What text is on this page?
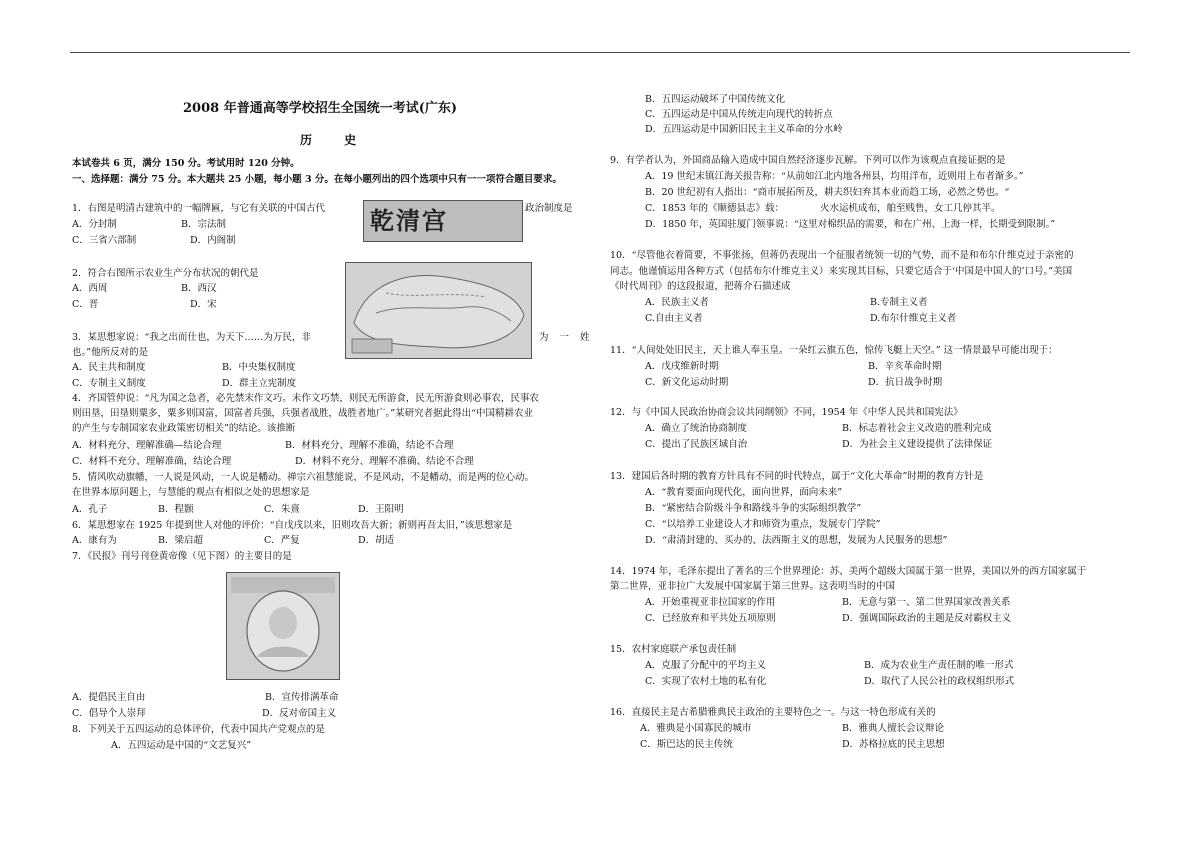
2008 年普通高等学校招生全国统一考试(广东)
历 史
本试卷共 6 页，满分 150 分。考试用时 120 分钟。
一、选择题：满分 75 分。本大题共 25 小题，每小题 3 分。在每小题列出的四个选项中只有一一项符合题目要求。
乾清宫
1．右图是明清古建筑中的一幅牌匾，与它有关联的中国古代	政治制度是
A．分封制	B．宗法制
C．三省六部制	D．内阁制
2．符合右图所示农业生产分布状况的朝代是
A．西周	B．西汉
C．晋	D．宋
3．某思想家说：“我之出而仕也，为天下……为万民，非	为 一 姓
也。”他所反对的是
A．民主共和制度	B．中央集权制度
C．专制主义制度	D．群主立宪制度
4．齐国管仲说：“凡为国之急者，必先禁末作文巧。未作文巧禁，则民无所游食，民无所游食则必事农，民事农
则田垦，田垦则粟多，粟多则国富，国富者兵强，兵强者战胜，战胜者地广。”某研究者据此得出“中国精耕农业
的产生与专制国家农业政策密切相关”的结论。该推断
A．材料充分、理解准确—结论合理	B．材料充分、理解不准确，结论不合理
C．材料不充分、理解准确，结论合理	D．材料不充分、理解不准确、结论不合理
5．情风吹动旗幡，一人说是风动，一人说是幡动。禅宗六祖慧能说，不是风动，不是幡动，而是两的位心动。
在世界本原问题上，与慧能的观点有相似之处的思想家是
A．孔子	B．程颢	C．朱熹	D．王阳明
6．某思想家在 1925 年提到世人对他的评价：“自戊戌以来，旧则攻吾大新；新则再吾太旧，”该思想家是
A．康有为	B．梁启超	C．严复	D．胡适
7．《民报》刊号刊登黄帝像（见下图）的主要目的是
A．提倡民主自由	B．宣传排满革命
C．倡导个人崇拜	D．反对帝国主义
8．下列关于五四运动的总体评价，代表中国共产党观点的是
A．五四运动是中国的“文艺复兴”
B．五四运动破坏了中国传统文化
C．五四运动是中国从传统走向现代的转折点
D．五四运动是中国新旧民主主义革命的分水岭
9．有学者认为，外国商品输入造成中国自然经济逐步瓦解。下列可以作为该观点直接证据的是
A．19 世纪末镇江海关报告称：“从前如江北内地各州县，均用洋布，近则用上布者渐多。”
B．20 世纪初有人指出：“商市展拓所及，耕夫织妇弃其本业而趋工场，必然之势也。“
C．1853 年的《顺德县志》载：	火水运机成布，舶至贱售，女工几停其半。
D．1850 年，英国驻厦门领事说：“这里对棉织品的需要，和在广州、上海一样，长期受到限制。”
10．“尽管他衣着简要，不事张扬，但蒋仍表现出一个征服者统领一切的气势，而不是和布尔什维克过于亲密的
同志。他谨慎运用各种方式（包括布尔什维克主义）来实现其目标，只要它适合于‘中国是中国人的’口号。”美国
《时代周刊》的这段报道，把蒋介石描述成
A．民族主义者	B.专制主义者
C.自由主义者	D.布尔什维克主义者
11．“人间处处旧民主，天上谁人奉玉皇。一朵红云旗五色，惊传飞艇上天空。” 这一情景最早可能出现于：
A．戊戌维新时期	B．辛亥革命时期
C．新文化运动时期	D．抗日战争时期
12．与《中国人民政治协商会议共同纲领》不同，1954 年《中华人民共和国宪法》
A．确立了统治协商制度	B．标志着社会主义改造的胜利完成
C．提出了民族区域自治	D．为社会主义建设提供了法律保证
13．建国后各时期的教育方针具有不同的时代特点，属于“文化大革命”时期的教育方针是
A．“教育要面向现代化，面向世界，面向未来”
B．“紧密结合阶级斗争和路线斗争的实际组织教学”
C．“以培养工业建设人才和师资为重点，发展专门学院”
D．“肃清封建的、买办的、法西斯主义的思想，发展为人民服务的思想”
14．1974 年，毛泽东提出了著名的三个世界理论：苏、美两个超级大国属于第一世界，美国以外的西方国家属于
第二世界，亚非拉广大发展中国家属于第三世界。这表明当时的中国
A．开始重视亚非拉国家的作用	B．无意与第一、第二世界国家改善关系
C．已经放弃和平共处五项原则	D．强调国际政治的主题是反对霸权主义
15．农村家庭联产承包责任制
A．克服了分配中的平均主义	B．成为农业生产责任制的唯一形式
C．实现了农村土地的私有化	D．取代了人民公社的政权组织形式
16．直接民主是古希腊雅典民主政治的主要特色之一。与这一特色形成有关的
A．雅典是小国寡民的城市	B．雅典人擅长会议辩论
C．斯巴达的民主传统	D．苏格拉底的民主思想
